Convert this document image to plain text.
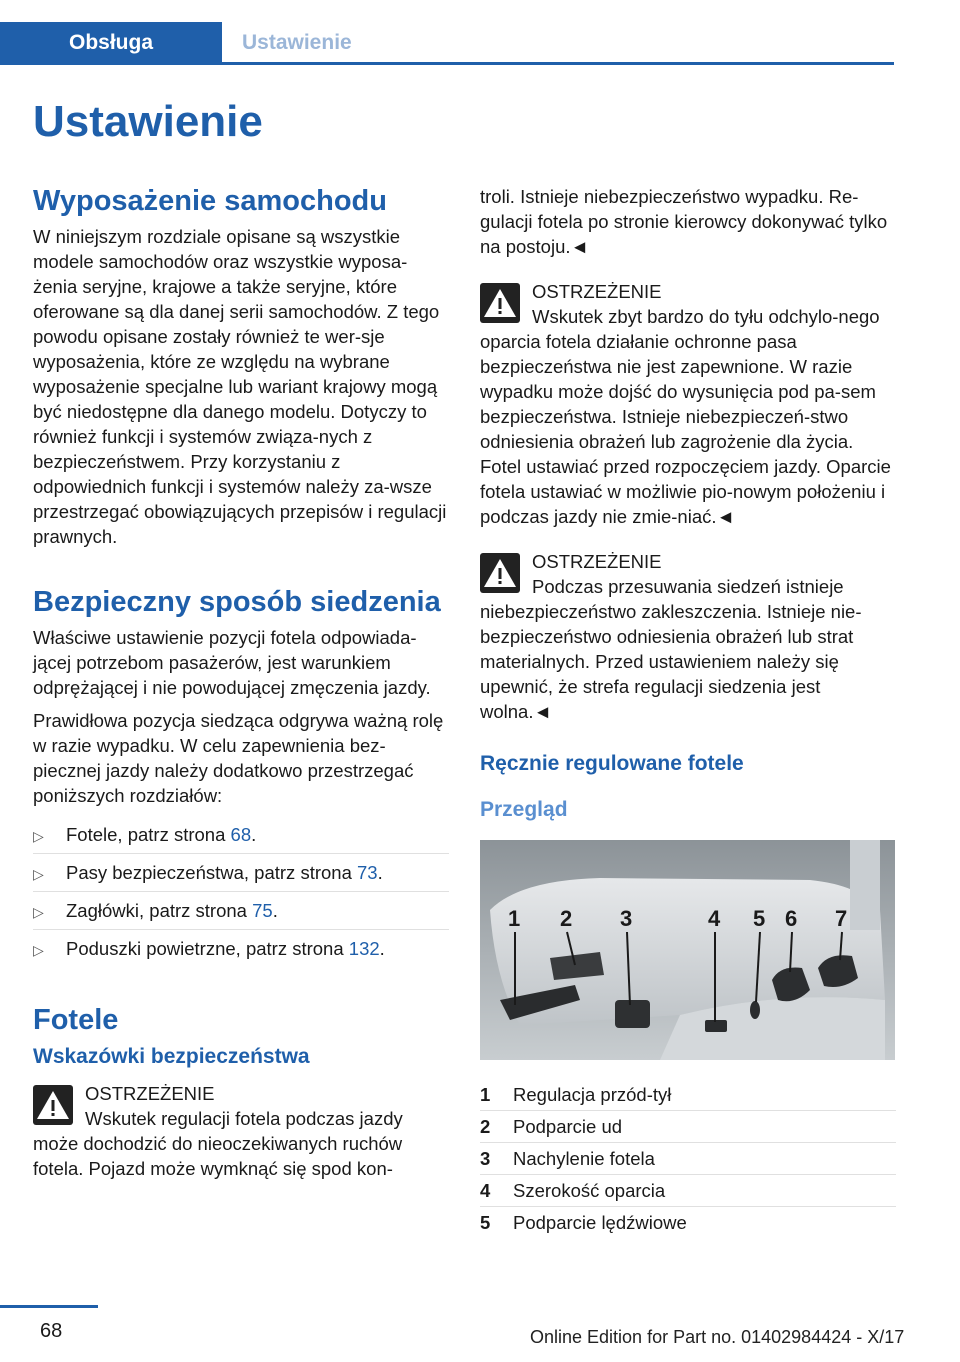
Obsługa	Ustawienie
Ustawienie
Wyposażenie samochodu

W niniejszym rozdziale opisane są wszystkie modele samochodów oraz wszystkie wyposa-żenia seryjne, krajowe a także seryjne, które oferowane są dla danej serii samochodów. Z tego powodu opisane zostały również te wer-sje wyposażenia, które ze względu na wybrane wyposażenie specjalne lub wariant krajowy mogą być niedostępne dla danego modelu. Dotyczy to również funkcji i systemów związa-nych z bezpieczeństwem. Przy korzystaniu z odpowiednich funkcji i systemów należy za-wsze przestrzegać obowiązujących przepisów i regulacji prawnych.

Bezpieczny sposób siedzenia

Właściwe ustawienie pozycji fotela odpowiada-jącej potrzebom pasażerów, jest warunkiem odprężającej i nie powodującej zmęczenia jazdy.

Prawidłowa pozycja siedząca odgrywa ważną rolę w razie wypadku. W celu zapewnienia bez-piecznej jazdy należy dodatkowo przestrzegać poniższych rozdziałów:

▷ Fotele, patrz strona 68.
▷ Pasy bezpieczeństwa, patrz strona 73.
▷ Zagłówki, patrz strona 75.
▷ Poduszki powietrzne, patrz strona 132.
Fotele
Wskazówki bezpieczeństwa
OSTRZEŻENIE
Wskutek regulacji fotela podczas jazdy może dochodzić do nieoczekiwanych ruchów fotela. Pojazd może wymknąć się spod kon-

troli. Istnieje niebezpieczeństwo wypadku. Re-gulacji fotela po stronie kierowcy dokonywać tylko na postoju.◄

OSTRZEŻENIE
Wskutek zbyt bardzo do tyłu odchylo-nego oparcia fotela działanie ochronne pasa bezpieczeństwa nie jest zapewnione. W razie wypadku może dojść do wysunięcia pod pa-sem bezpieczeństwa. Istnieje niebezpieczeń-stwo odniesienia obrażeń lub zagrożenie dla życia. Fotel ustawiać przed rozpoczęciem jazdy. Oparcie fotela ustawiać w możliwie pio-nowym położeniu i podczas jazdy nie zmie-niać.◄
OSTRZEŻENIE
Podczas przesuwania siedzeń istnieje niebezpieczeństwo zakleszczenia. Istnieje nie-bezpieczeństwo odniesienia obrażeń lub strat materialnych. Przed ustawieniem należy się upewnić, że strefa regulacji siedzenia jest wolna.◄
Ręcznie regulowane fotele
Przegląd
1 2 3	4 5 6 7
1 Regulacja przód-tył
2 Podparcie ud
3 Nachylenie fotela
4 Szerokość oparcia
5 Podparcie lędźwiowe
68	Online Edition for Part no. 01402984424 - X/17
